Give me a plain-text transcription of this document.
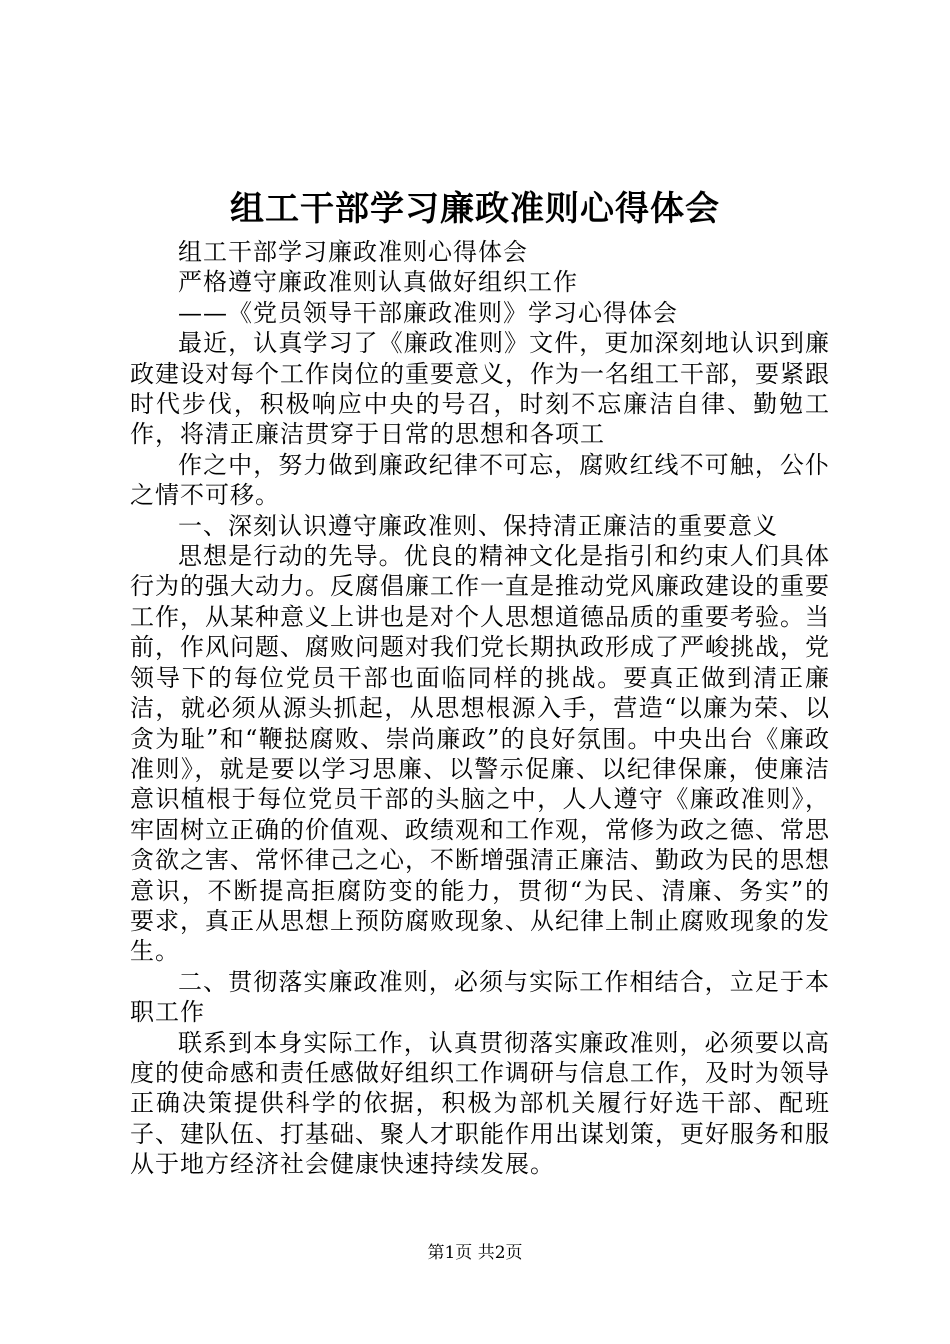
组工干部学习廉政准则心得体会

组工干部学习廉政准则心得体会

严格遵守廉政准则认真做好组织工作

——《党员领导干部廉政准则》学习心得体会

最近，认真学习了《廉政准则》文件，更加深刻地认识到廉政建设对每个工作岗位的重要意义，作为一名组工干部，要紧跟时代步伐，积极响应中央的号召，时刻不忘廉洁自律、勤勉工作，将清正廉洁贯穿于日常的思想和各项工

作之中，努力做到廉政纪律不可忘，腐败红线不可触，公仆之情不可移。

一、深刻认识遵守廉政准则、保持清正廉洁的重要意义

思想是行动的先导。优良的精神文化是指引和约束人们具体行为的强大动力。反腐倡廉工作一直是推动党风廉政建设的重要工作，从某种意义上讲也是对个人思想道德品质的重要考验。当前，作风问题、腐败问题对我们党长期执政形成了严峻挑战，党领导下的每位党员干部也面临同样的挑战。要真正做到清正廉洁，就必须从源头抓起，从思想根源入手，营造“以廉为荣、以贪为耻”和“鞭挞腐败、崇尚廉政”的良好氛围。中央出台《廉政准则》，就是要以学习思廉、以警示促廉、以纪律保廉，使廉洁意识植根于每位党员干部的头脑之中，人人遵守《廉政准则》，牢固树立正确的价值观、政绩观和工作观，常修为政之德、常思贪欲之害、常怀律己之心，不断增强清正廉洁、勤政为民的思想意识，不断提高拒腐防变的能力，贯彻“为民、清廉、务实”的要求，真正从思想上预防腐败现象、从纪律上制止腐败现象的发生。

二、贯彻落实廉政准则，必须与实际工作相结合，立足于本职工作

联系到本身实际工作，认真贯彻落实廉政准则，必须要以高度的使命感和责任感做好组织工作调研与信息工作，及时为领导正确决策提供科学的依据，积极为部机关履行好选干部、配班子、建队伍、打基础、聚人才职能作用出谋划策，更好服务和服从于地方经济社会健康快速持续发展。

第1页 共2页
